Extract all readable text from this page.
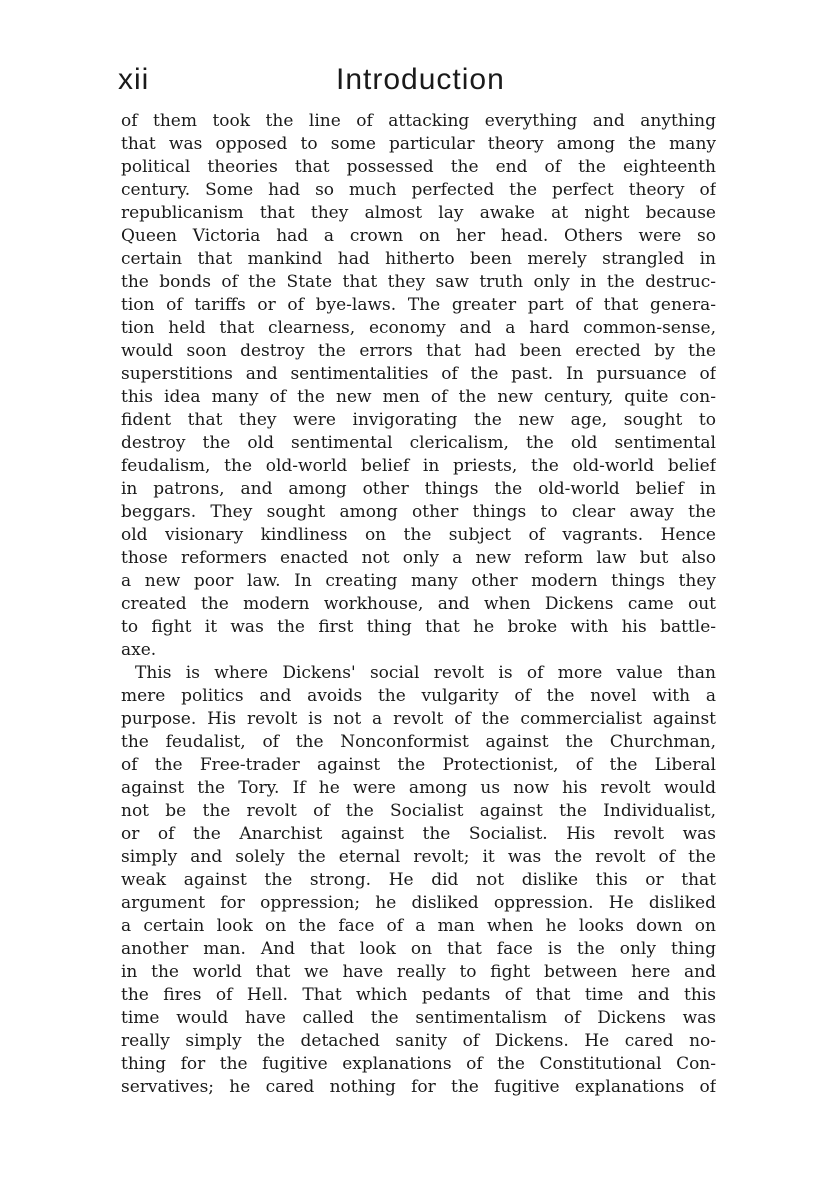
xii	Introduction
of them took the line of attacking everything and anything
that was opposed to some particular theory among the many
political theories that possessed the end of the eighteenth
century. Some had so much perfected the perfect theory of
republicanism that they almost lay awake at night because
Queen Victoria had a crown on her head. Others were so
certain that mankind had hitherto been merely strangled in
the bonds of the State that they saw truth only in the destruc-
tion of tariffs or of bye-laws. The greater part of that genera-
tion held that clearness, economy and a hard common-sense,
would soon destroy the errors that had been erected by the
superstitions and sentimentalities of the past. In pursuance of
this idea many of the new men of the new century, quite con-
fident that they were invigorating the new age, sought to
destroy the old sentimental clericalism, the old sentimental
feudalism, the old-world belief in priests, the old-world belief
in patrons, and among other things the old-world belief in
beggars. They sought among other things to clear away the
old visionary kindliness on the subject of vagrants. Hence
those reformers enacted not only a new reform law but also
a new poor law. In creating many other modern things they
created the modern workhouse, and when Dickens came out
to fight it was the first thing that he broke with his battle-
axe.
This is where Dickens' social revolt is of more value than
mere politics and avoids the vulgarity of the novel with a
purpose. His revolt is not a revolt of the commercialist against
the feudalist, of the Nonconformist against the Churchman,
of the Free-trader against the Protectionist, of the Liberal
against the Tory. If he were among us now his revolt would
not be the revolt of the Socialist against the Individualist,
or of the Anarchist against the Socialist. His revolt was
simply and solely the eternal revolt; it was the revolt of the
weak against the strong. He did not dislike this or that
argument for oppression; he disliked oppression. He disliked
a certain look on the face of a man when he looks down on
another man. And that look on that face is the only thing
in the world that we have really to fight between here and
the fires of Hell. That which pedants of that time and this
time would have called the sentimentalism of Dickens was
really simply the detached sanity of Dickens. He cared no-
thing for the fugitive explanations of the Constitutional Con-
servatives; he cared nothing for the fugitive explanations of
